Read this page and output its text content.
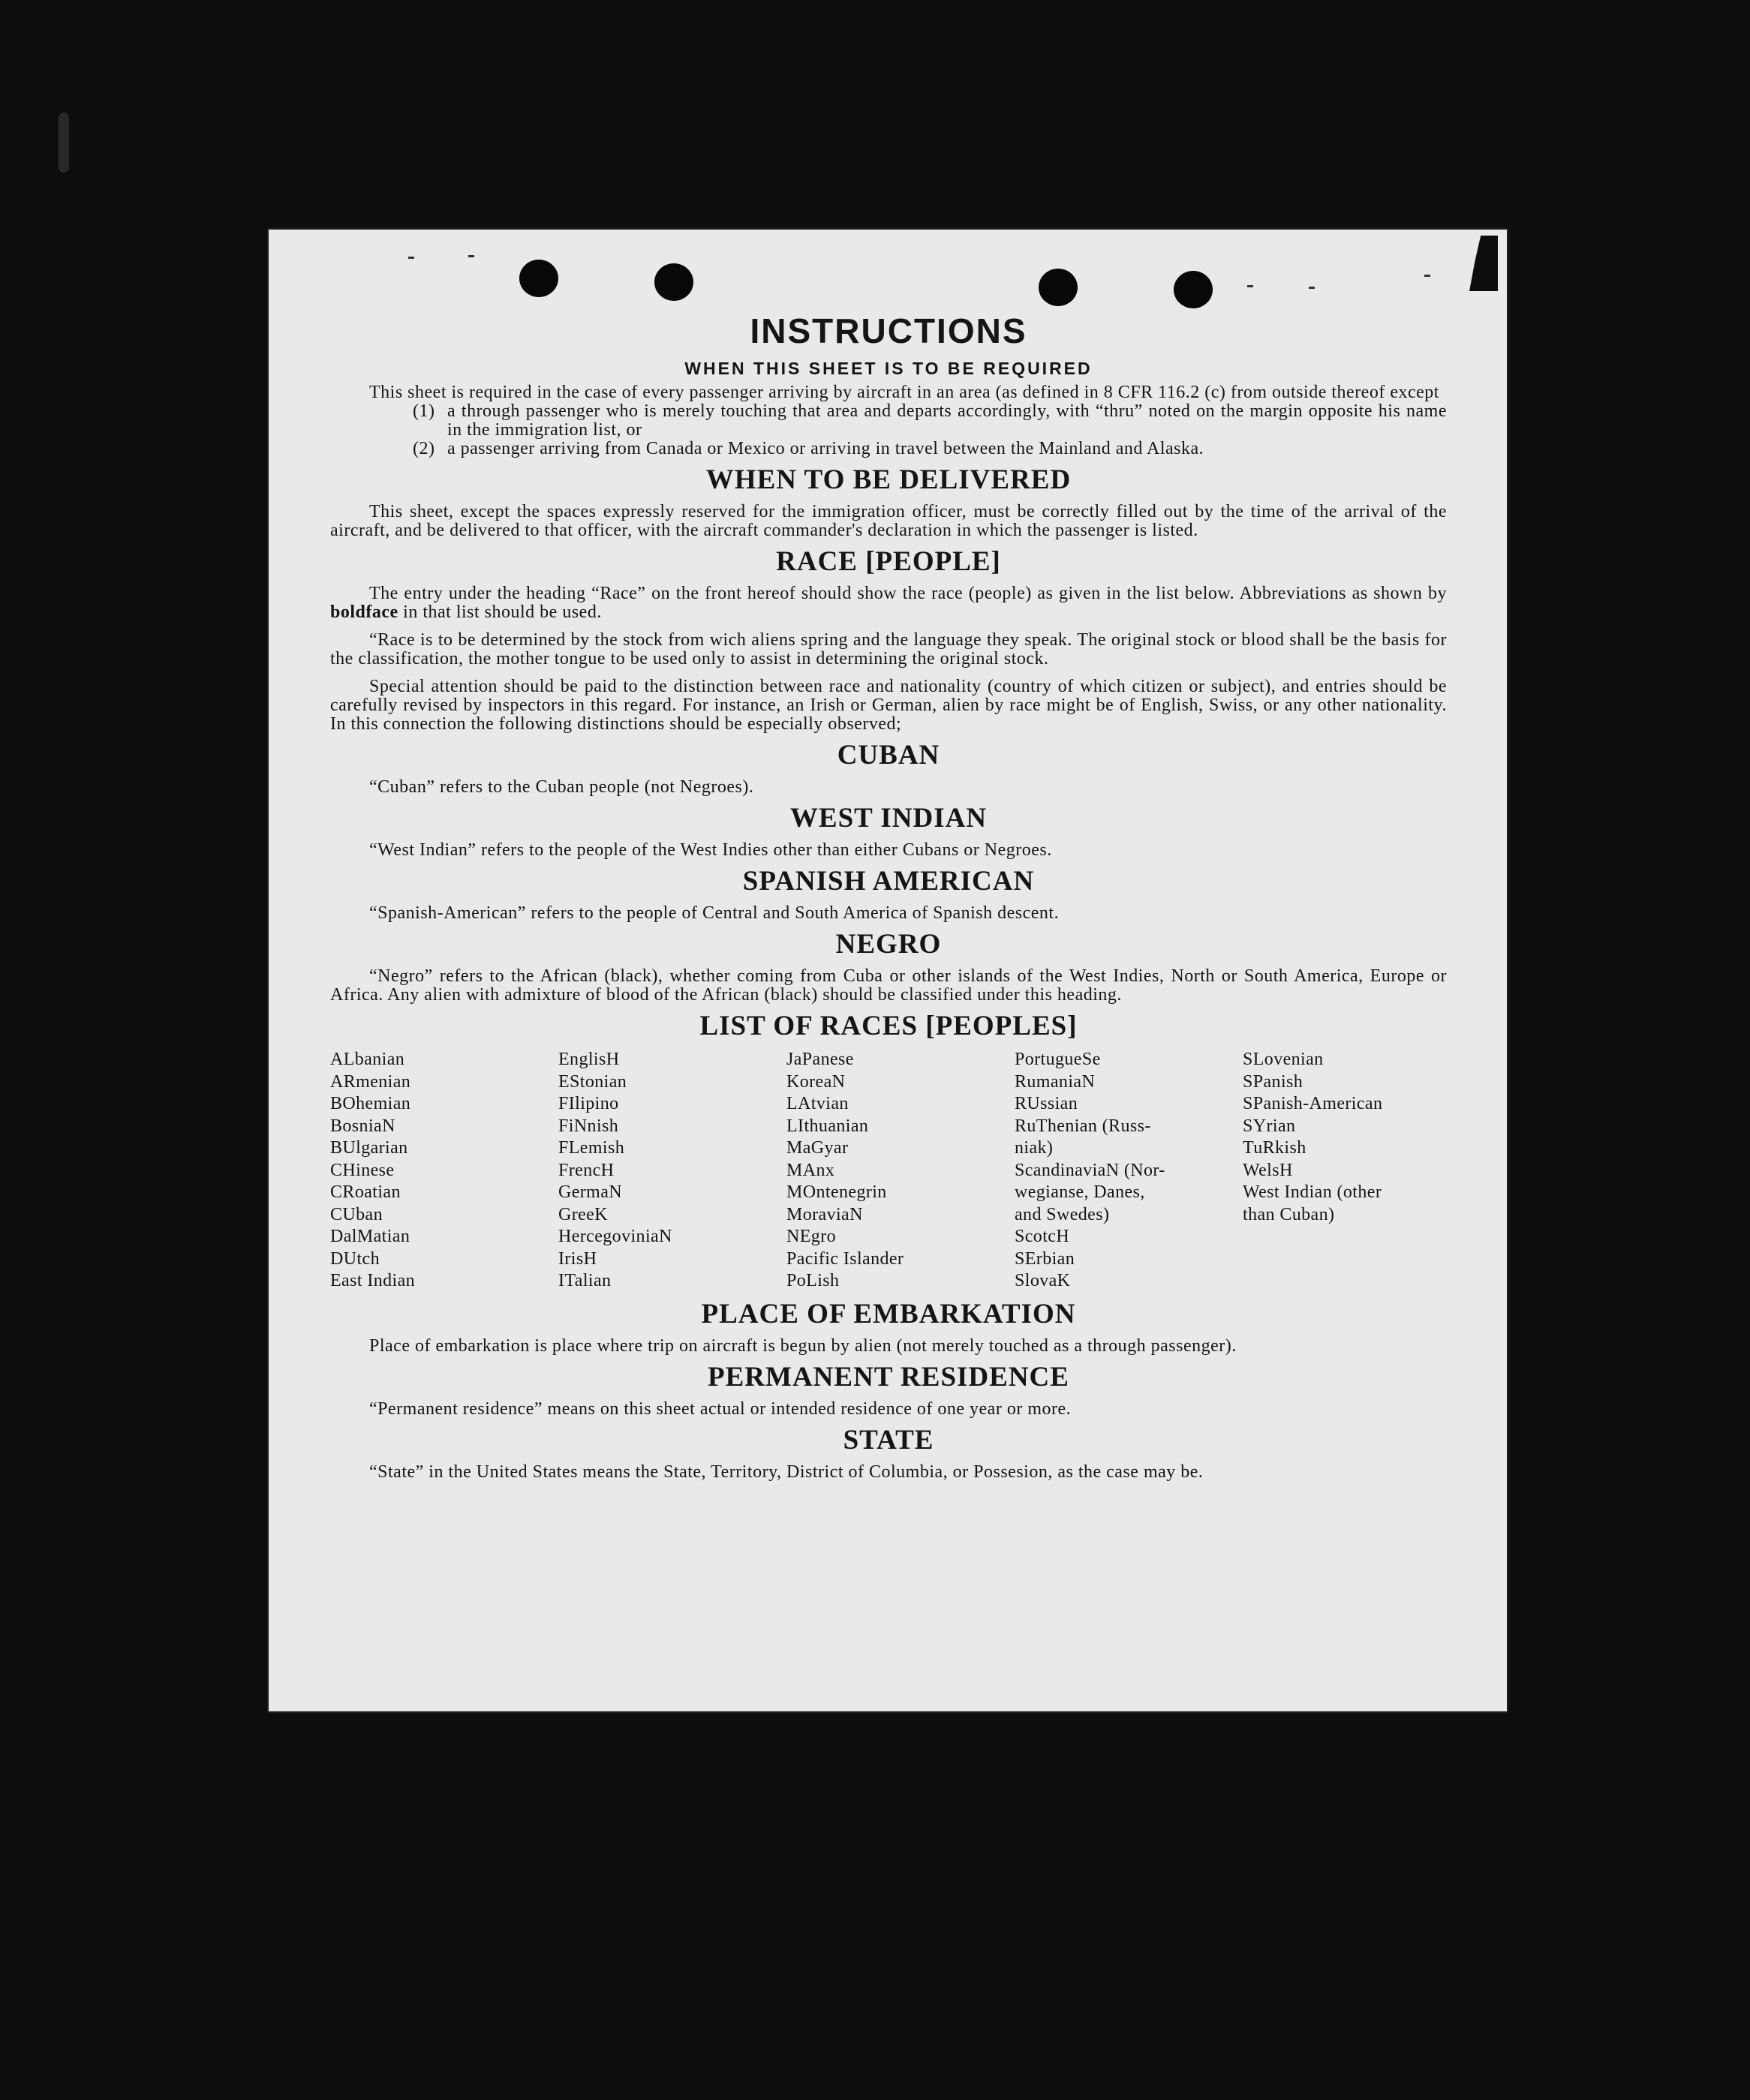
INSTRUCTIONS
WHEN THIS SHEET IS TO BE REQUIRED

This sheet is required in the case of every passenger arriving by aircraft in an area (as defined in 8 CFR 116.2 (c) from outside thereof except

(1) a through passenger who is merely touching that area and departs accordingly, with “thru” noted on the margin opposite his name in the immigration list, or
(2) a passenger arriving from Canada or Mexico or arriving in travel between the Mainland and Alaska.
WHEN TO BE DELIVERED

This sheet, except the spaces expressly reserved for the immigration officer, must be correctly filled out by the time of the arrival of the aircraft, and be delivered to that officer, with the aircraft commander's declaration in which the passenger is listed.

RACE [PEOPLE]

The entry under the heading “Race” on the front hereof should show the race (people) as given in the list below. Abbreviations as shown by boldface in that list should be used.

“Race is to be determined by the stock from wich aliens spring and the language they speak. The original stock or blood shall be the basis for the classification, the mother tongue to be used only to assist in determining the original stock.

Special attention should be paid to the distinction between race and nationality (country of which citizen or subject), and entries should be carefully revised by inspectors in this regard. For instance, an Irish or German, alien by race might be of English, Swiss, or any other nationality. In this connection the following distinctions should be especially observed;

CUBAN

“Cuban” refers to the Cuban people (not Negroes).

WEST INDIAN

“West Indian” refers to the people of the West Indies other than either Cubans or Negroes.

SPANISH AMERICAN

“Spanish-American” refers to the people of Central and South America of Spanish descent.

NEGRO

“Negro” refers to the African (black), whether coming from Cuba or other islands of the West Indies, North or South America, Europe or Africa. Any alien with admixture of blood of the African (black) should be classified under this heading.

LIST OF RACES [PEOPLES]
ALbanian
ARmenian
BOhemian
BosniaN
BUlgarian
CHinese
CRoatian
CUban
DalMatian
DUtch
East Indian
EnglisH
EStonian
FIlipino
FiNnish
FLemish
FrencH
GermaN
GreeK
HercegoviniaN
IrisH
ITalian
JaPanese
KoreaN
LAtvian
LIthuanian
MaGyar
MAnx
MOntenegrin
MoraviaN
NEgro
Pacific Islander
PoLish
PortugueSe
RumaniaN
RUssian
RuThenian (Russ-
niak)
ScandinaviaN (Nor-
wegianse, Danes,
and Swedes)
ScotcH
SErbian
SlovaK
SLovenian
SPanish
SPanish-American
SYrian
TuRkish
WelsH
West Indian (other
than Cuban)
PLACE OF EMBARKATION

Place of embarkation is place where trip on aircraft is begun by alien (not merely touched as a through passenger).

PERMANENT RESIDENCE

“Permanent residence” means on this sheet actual or intended residence of one year or more.

STATE

“State” in the United States means the State, Territory, District of Columbia, or Possesion, as the case may be.
